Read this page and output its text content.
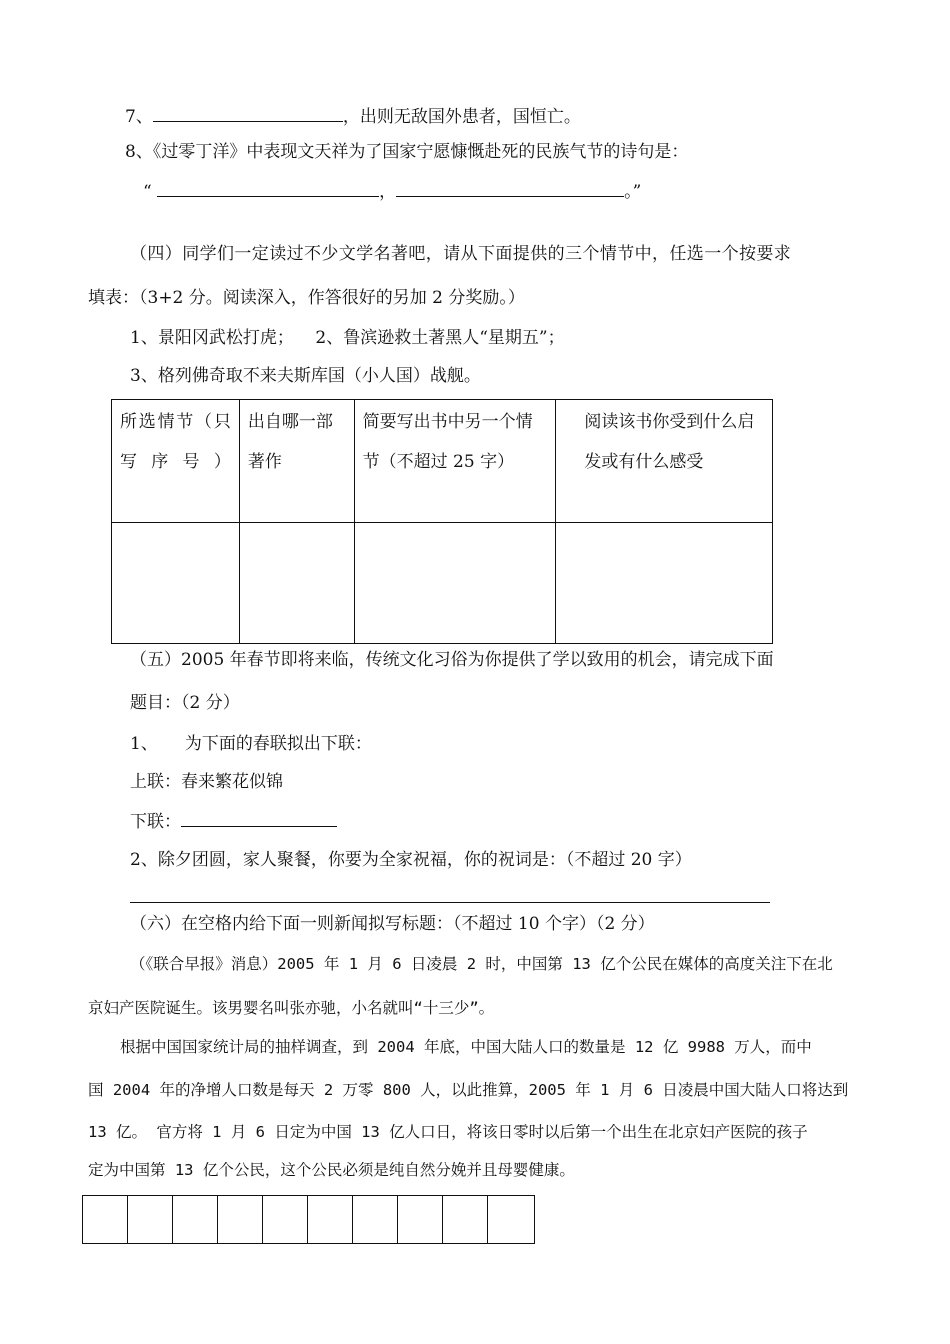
7、	，出则无敌国外患者，国恒亡。
8、《过零丁洋》中表现文天祥为了国家宁愿慷慨赴死的民族气节的诗句是：
“	，	。”
（四）同学们一定读过不少文学名著吧，请从下面提供的三个情节中，任选一个按要求
填表：（3+2 分。阅读深入，作答很好的另加 2 分奖励。）
1、景阳冈武松打虎；    2、鲁滨逊救土著黑人“星期五”；
3、格列佛奇取不来夫斯库国（小人国）战舰。
所选情节（只写序号）	出自哪一部著作	简要写出书中另一个情节（不超过 25 字）	阅读该书你受到什么启发或有什么感受

（五）2005 年春节即将来临，传统文化习俗为你提供了学以致用的机会，请完成下面
题目：（2 分）
1、     为下面的春联拟出下联：
上联：春来繁花似锦
下联：
2、除夕团圆，家人聚餐，你要为全家祝福，你的祝词是：（不超过 20 字）
（六）在空格内给下面一则新闻拟写标题：（不超过 10 个字）（2 分）
（《联合早报》消息）2005 年 1 月 6 日凌晨 2 时，中国第 13 亿个公民在媒体的高度关注下在北
京妇产医院诞生。该男婴名叫张亦驰，小名就叫“十三少”。
根据中国国家统计局的抽样调查，到 2004 年底，中国大陆人口的数量是 12 亿 9988 万人，而中
国 2004 年的净增人口数是每天 2 万零 800 人，以此推算，2005 年 1 月 6 日凌晨中国大陆人口将达到
13 亿。 官方将 1 月 6 日定为中国 13 亿人口日，将该日零时以后第一个出生在北京妇产医院的孩子
定为中国第 13 亿个公民，这个公民必须是纯自然分娩并且母婴健康。
